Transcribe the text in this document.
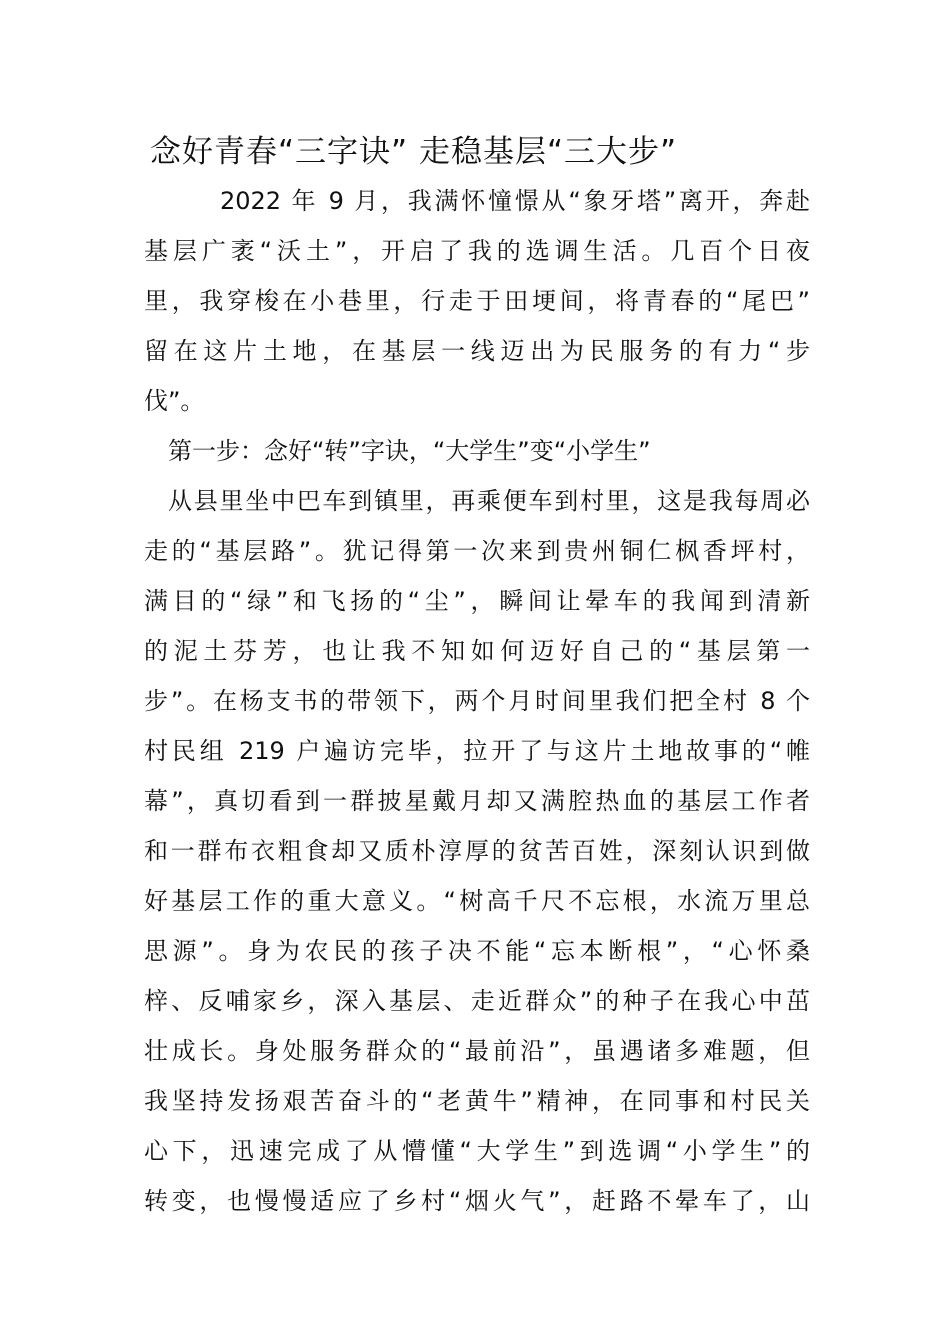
念好青春“三字诀” 走稳基层“三大步”
2022 年 9 月，我满怀憧憬从“象牙塔”离开，奔赴
基层广袤“沃土”，开启了我的选调生活。几百个日夜
里，我穿梭在小巷里，行走于田埂间，将青春的“尾巴”
留在这片土地，在基层一线迈出为民服务的有力“步
伐”。
第一步：念好“转”字诀，“大学生”变“小学生”
从县里坐中巴车到镇里，再乘便车到村里，这是我每周必
走的“基层路”。犹记得第一次来到贵州铜仁枫香坪村，
满目的“绿”和飞扬的“尘”，瞬间让晕车的我闻到清新
的泥土芬芳，也让我不知如何迈好自己的“基层第一
步”。在杨支书的带领下，两个月时间里我们把全村 8 个
村民组 219 户遍访完毕，拉开了与这片土地故事的“帷
幕”，真切看到一群披星戴月却又满腔热血的基层工作者
和一群布衣粗食却又质朴淳厚的贫苦百姓，深刻认识到做
好基层工作的重大意义。“树高千尺不忘根，水流万里总
思源”。身为农民的孩子决不能“忘本断根”，“心怀桑
梓、反哺家乡，深入基层、走近群众”的种子在我心中茁
壮成长。身处服务群众的“最前沿”，虽遇诸多难题，但
我坚持发扬艰苦奋斗的“老黄牛”精神，在同事和村民关
心下，迅速完成了从懵懂“大学生”到选调“小学生”的
转变，也慢慢适应了乡村“烟火气”，赶路不晕车了，山
